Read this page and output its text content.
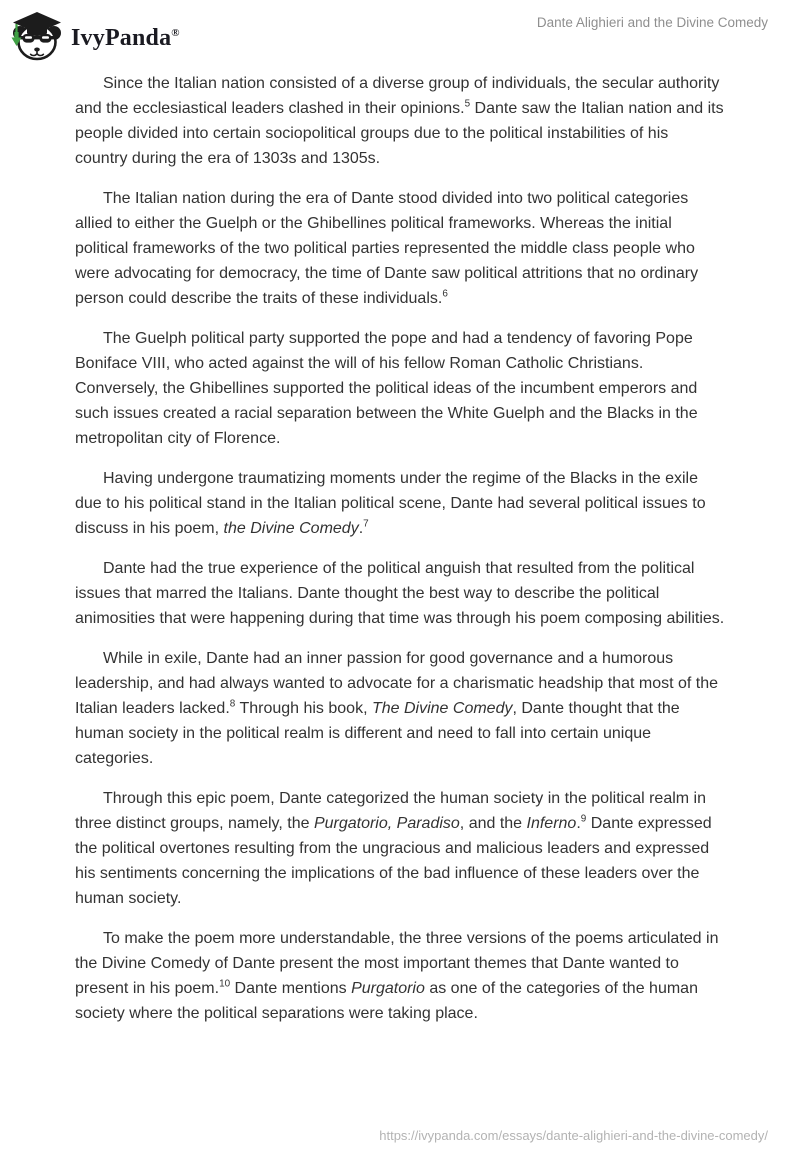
IvyPanda®
Dante Alighieri and the Divine Comedy

Since the Italian nation consisted of a diverse group of individuals, the secular authority and the ecclesiastical leaders clashed in their opinions.$^5$ Dante saw the Italian nation and its people divided into certain sociopolitical groups due to the political instabilities of his country during the era of 1303s and 1305s.

The Italian nation during the era of Dante stood divided into two political categories allied to either the Guelph or the Ghibellines political frameworks. Whereas the initial political frameworks of the two political parties represented the middle class people who were advocating for democracy, the time of Dante saw political attritions that no ordinary person could describe the traits of these individuals.$^6$

The Guelph political party supported the pope and had a tendency of favoring Pope Boniface VIII, who acted against the will of his fellow Roman Catholic Christians. Conversely, the Ghibellines supported the political ideas of the incumbent emperors and such issues created a racial separation between the White Guelph and the Blacks in the metropolitan city of Florence.

Having undergone traumatizing moments under the regime of the Blacks in the exile due to his political stand in the Italian political scene, Dante had several political issues to discuss in his poem, the Divine Comedy.$^7$

Dante had the true experience of the political anguish that resulted from the political issues that marred the Italians. Dante thought the best way to describe the political animosities that were happening during that time was through his poem composing abilities.

While in exile, Dante had an inner passion for good governance and a humorous leadership, and had always wanted to advocate for a charismatic headship that most of the Italian leaders lacked.$^8$ Through his book, The Divine Comedy, Dante thought that the human society in the political realm is different and need to fall into certain unique categories.

Through this epic poem, Dante categorized the human society in the political realm in three distinct groups, namely, the Purgatorio, Paradiso, and the Inferno.$^9$ Dante expressed the political overtones resulting from the ungracious and malicious leaders and expressed his sentiments concerning the implications of the bad influence of these leaders over the human society.

To make the poem more understandable, the three versions of the poems articulated in the Divine Comedy of Dante present the most important themes that Dante wanted to present in his poem.$^{10}$ Dante mentions Purgatorio as one of the categories of the human society where the political separations were taking place.

https://ivypanda.com/essays/dante-alighieri-and-the-divine-comedy/
